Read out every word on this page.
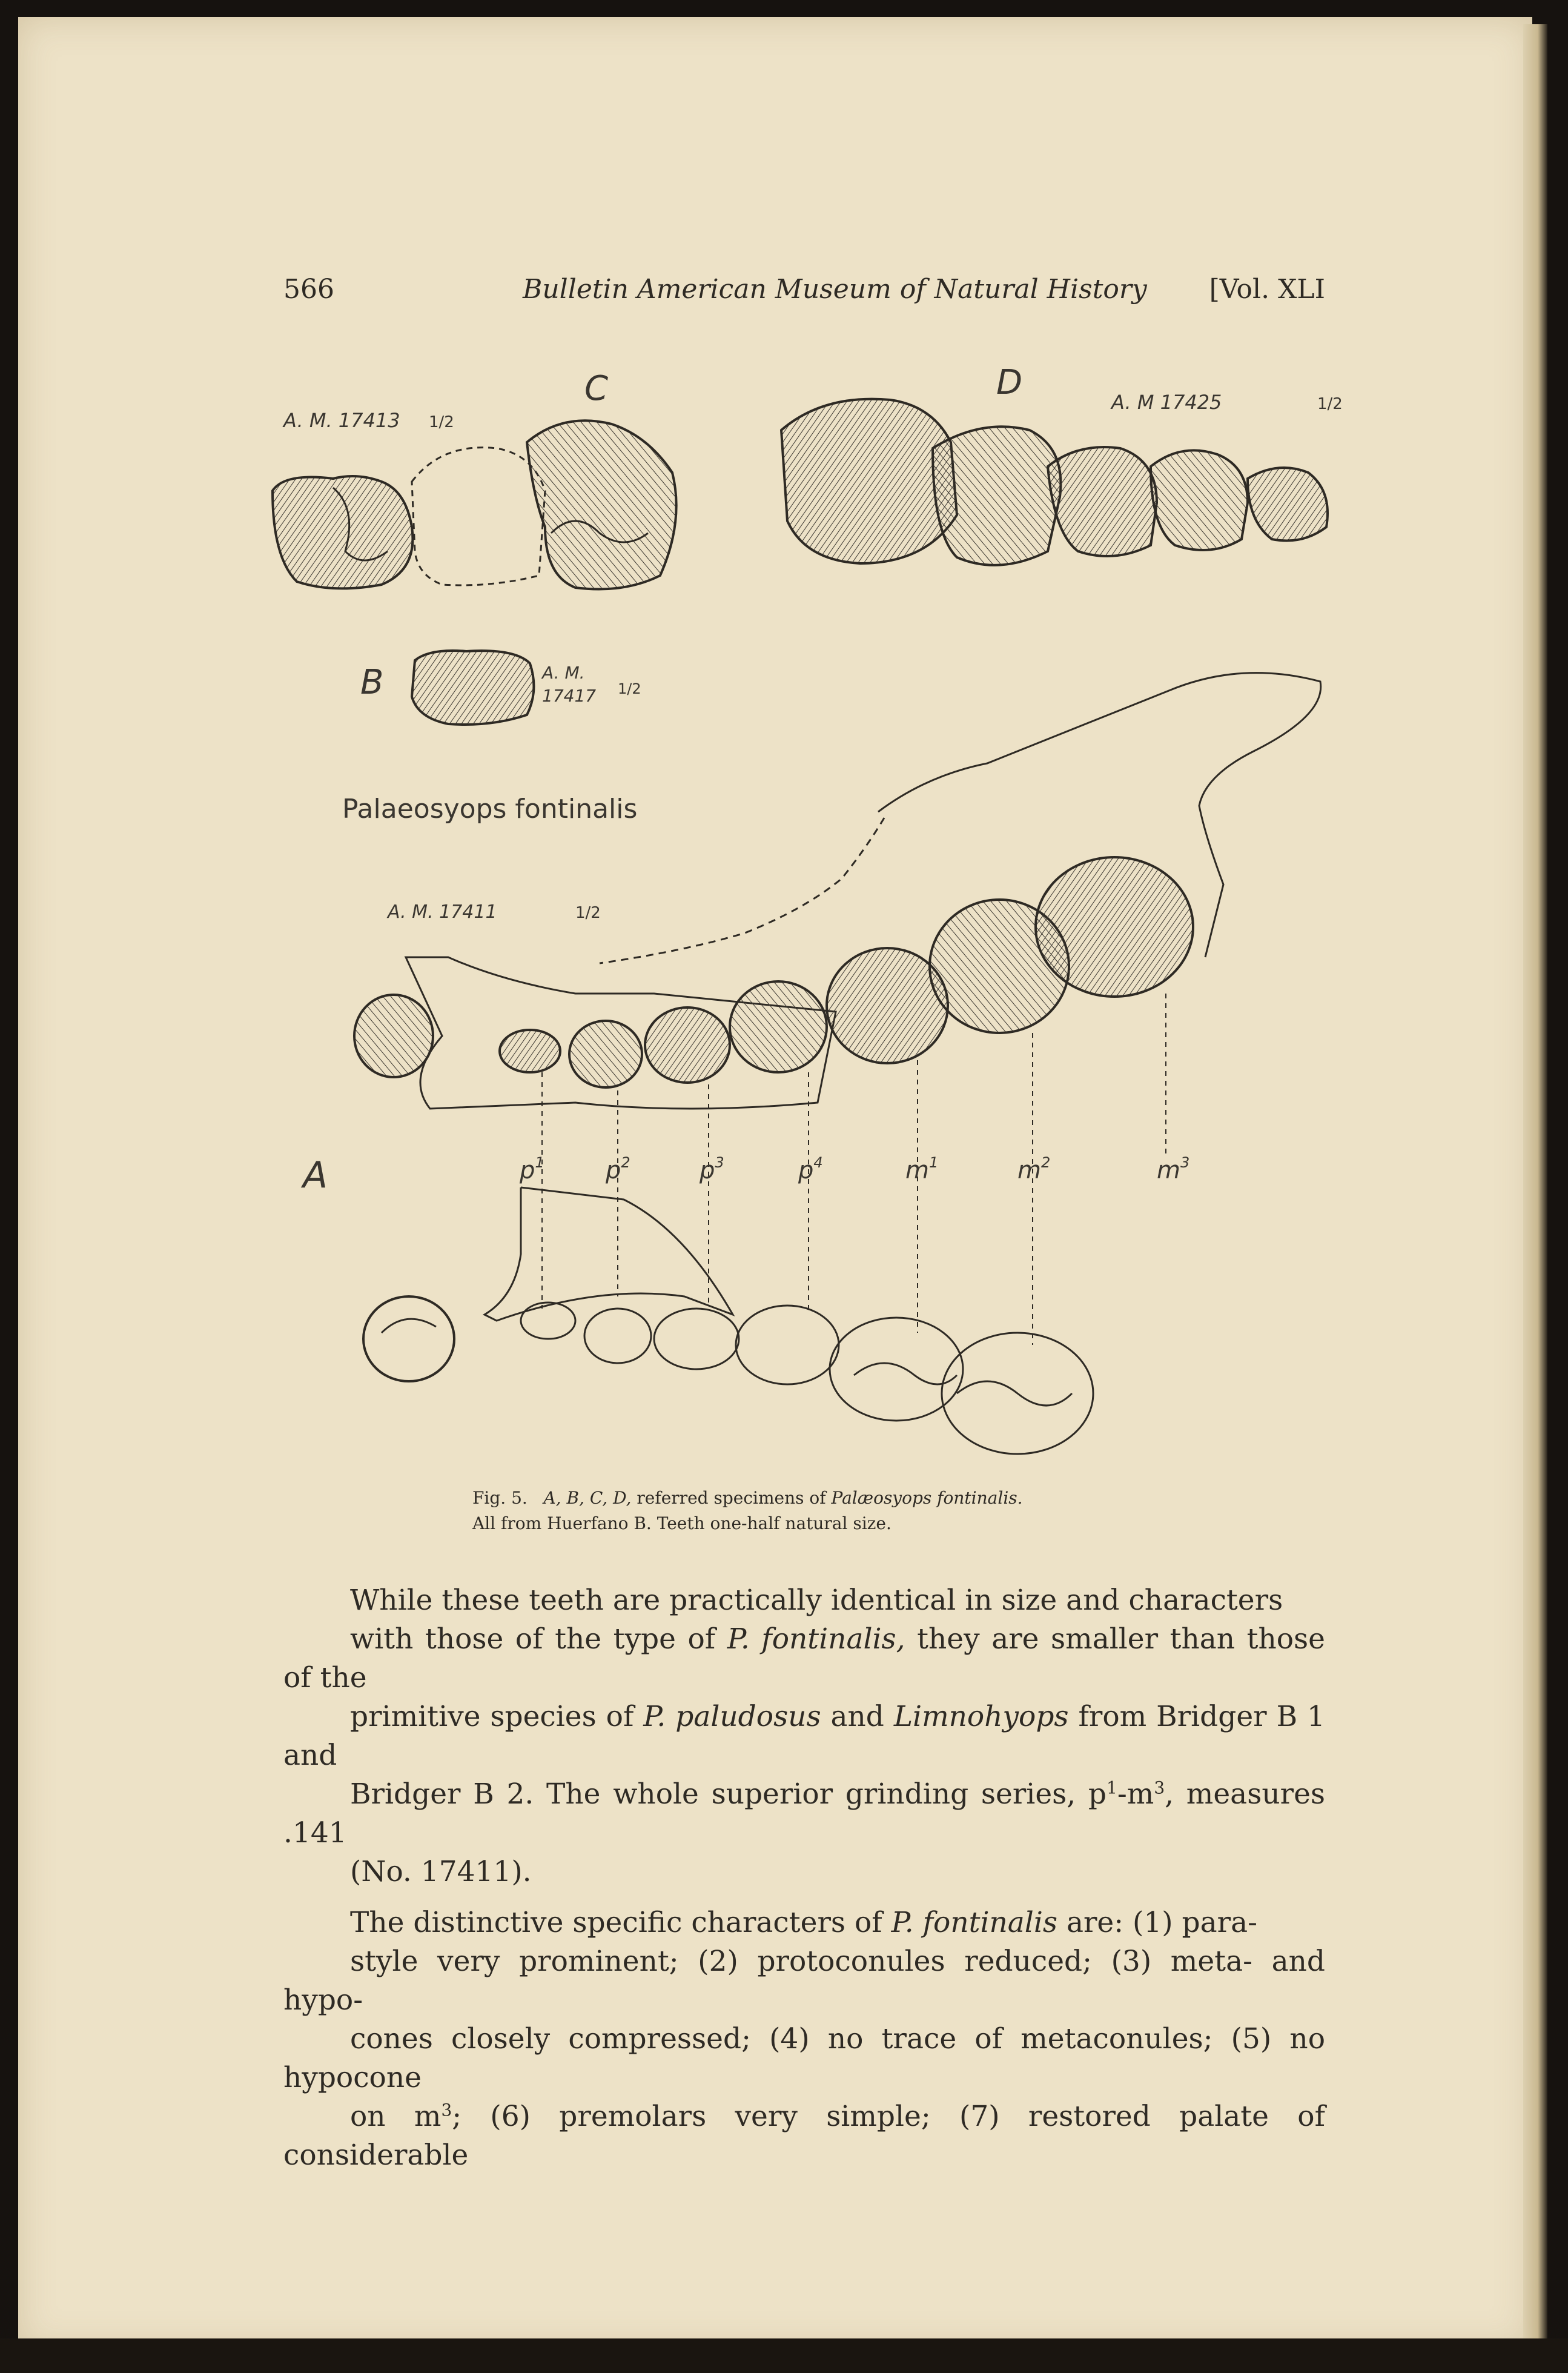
566	Bulletin American Museum of Natural History [Vol. XLI
A. M. 17413 1/2
C	D	A. M 17425	1/2
B	A. M.
17417 1/2
Palaeosyops fontinalis
A. M. 17411	1/2
A	$p^1$	$p^2$	$p^3$	$p^4$	$m^1$	$m^2$	$m^3$
Fig. 5. A, B, C, D, referred specimens of Palæosyops fontinalis.
All from Huerfano B. Teeth one-half natural size.

While these teeth are practically identical in size and characters
with those of the type of P. fontinalis, they are smaller than those of the
primitive species of P. paludosus and Limnohyops from Bridger B 1 and
Bridger B 2. The whole superior grinding series, $p^1-m^3$, measures .141
(No. 17411).

The distinctive specific characters of P. fontinalis are: (1) para-
style very prominent; (2) protoconules reduced; (3) meta- and hypo-
cones closely compressed; (4) no trace of metaconules; (5) no hypocone
on $m^3$; (6) premolars very simple; (7) restored palate of considerable
